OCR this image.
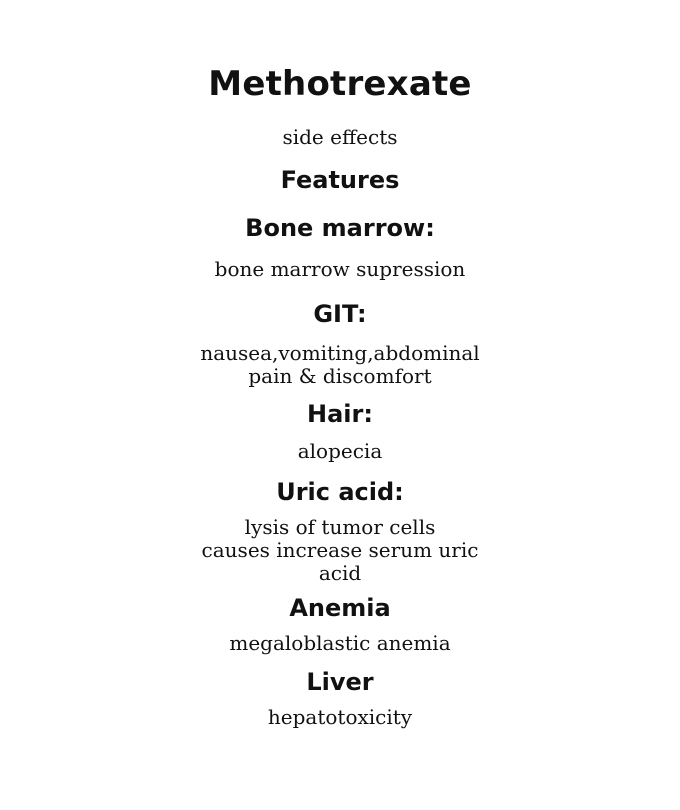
Methotrexate
side effects
Features
Bone marrow:
bone marrow supression
GIT:
nausea,vomiting,abdominal
pain & discomfort
Hair:
alopecia
Uric acid:
lysis of tumor cells
causes increase serum uric
acid
Anemia
megaloblastic anemia
Liver
hepatotoxicity
